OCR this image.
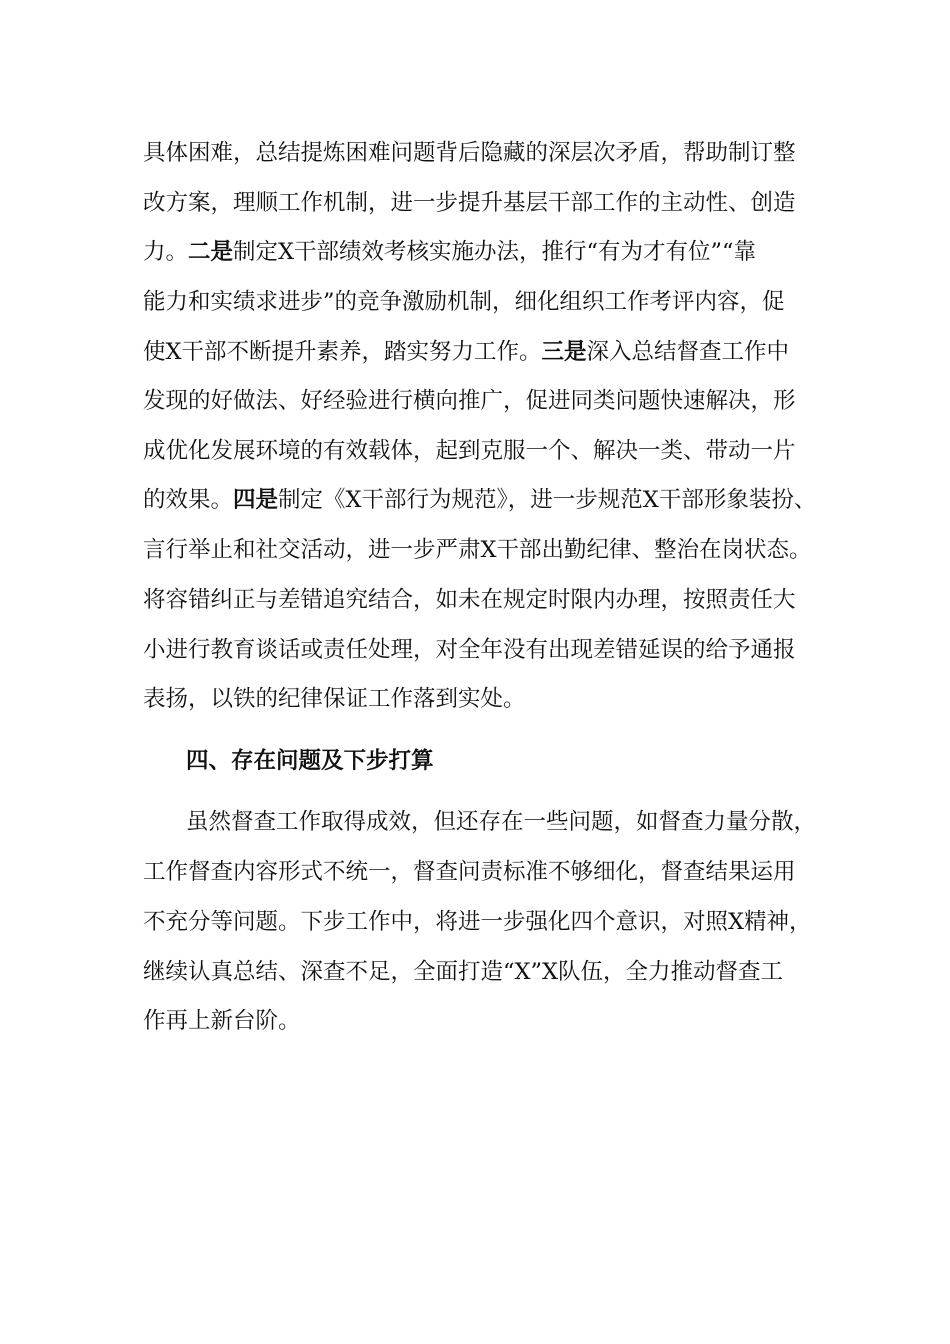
具体困难，总结提炼困难问题背后隐藏的深层次矛盾，帮助制订整
改方案，理顺工作机制，进一步提升基层干部工作的主动性、创造
力。二是制定X干部绩效考核实施办法，推行“有为才有位”“靠
能力和实绩求进步”的竞争激励机制，细化组织工作考评内容，促
使X干部不断提升素养，踏实努力工作。三是深入总结督查工作中
发现的好做法、好经验进行横向推广，促进同类问题快速解决，形
成优化发展环境的有效载体，起到克服一个、解决一类、带动一片
的效果。四是制定《X干部行为规范》，进一步规范X干部形象装扮、
言行举止和社交活动，进一步严肃X干部出勤纪律、整治在岗状态。
将容错纠正与差错追究结合，如未在规定时限内办理，按照责任大
小进行教育谈话或责任处理，对全年没有出现差错延误的给予通报
表扬，以铁的纪律保证工作落到实处。
四、存在问题及下步打算
虽然督查工作取得成效，但还存在一些问题，如督查力量分散，
工作督查内容形式不统一，督查问责标准不够细化，督查结果运用
不充分等问题。下步工作中，将进一步强化四个意识，对照X精神，
继续认真总结、深查不足，全面打造“X”X队伍，全力推动督查工
作再上新台阶。
